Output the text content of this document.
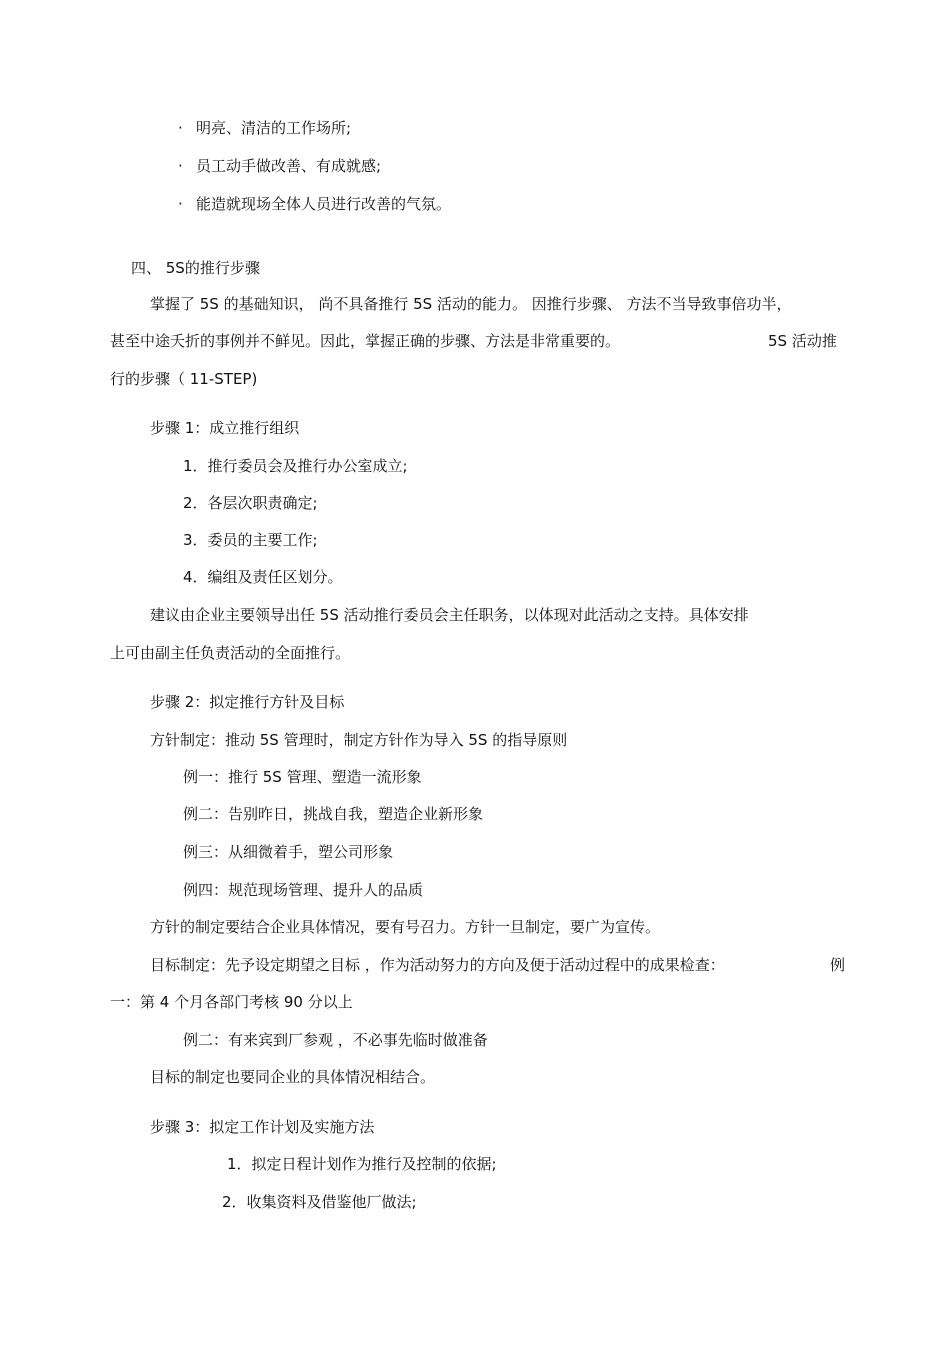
· 明亮、清洁的工作场所;
· 员工动手做改善、有成就感;
· 能造就现场全体人员进行改善的气氛。
四、 5S的推行步骤
掌握了 5S 的基础知识， 尚不具备推行 5S 活动的能力。 因推行步骤、 方法不当导致事倍功半，
甚至中途夭折的事例并不鲜见。因此，掌握正确的步骤、方法是非常重要的。	5S 活动推
行的步骤（ 11-STEP)
步骤 1：成立推行组织
1．推行委员会及推行办公室成立;
2．各层次职责确定;
3．委员的主要工作;
4．编组及责任区划分。
建议由企业主要领导出任 5S 活动推行委员会主任职务，以体现对此活动之支持。具体安排
上可由副主任负责活动的全面推行。
步骤 2：拟定推行方针及目标
方针制定：推动 5S 管理时，制定方针作为导入 5S 的指导原则
例一：推行 5S 管理、塑造一流形象
例二：告别昨日，挑战自我，塑造企业新形象
例三：从细微着手，塑公司形象
例四：规范现场管理、提升人的品质
方针的制定要结合企业具体情况，要有号召力。方针一旦制定，要广为宣传。
目标制定：先予设定期望之目标 ，作为活动努力的方向及便于活动过程中的成果检查：	例
一：第 4 个月各部门考核 90 分以上
例二：有来宾到厂参观 ，不必事先临时做准备
目标的制定也要同企业的具体情况相结合。
步骤 3：拟定工作计划及实施方法
1．拟定日程计划作为推行及控制的依据;
2．收集资料及借鉴他厂做法;
